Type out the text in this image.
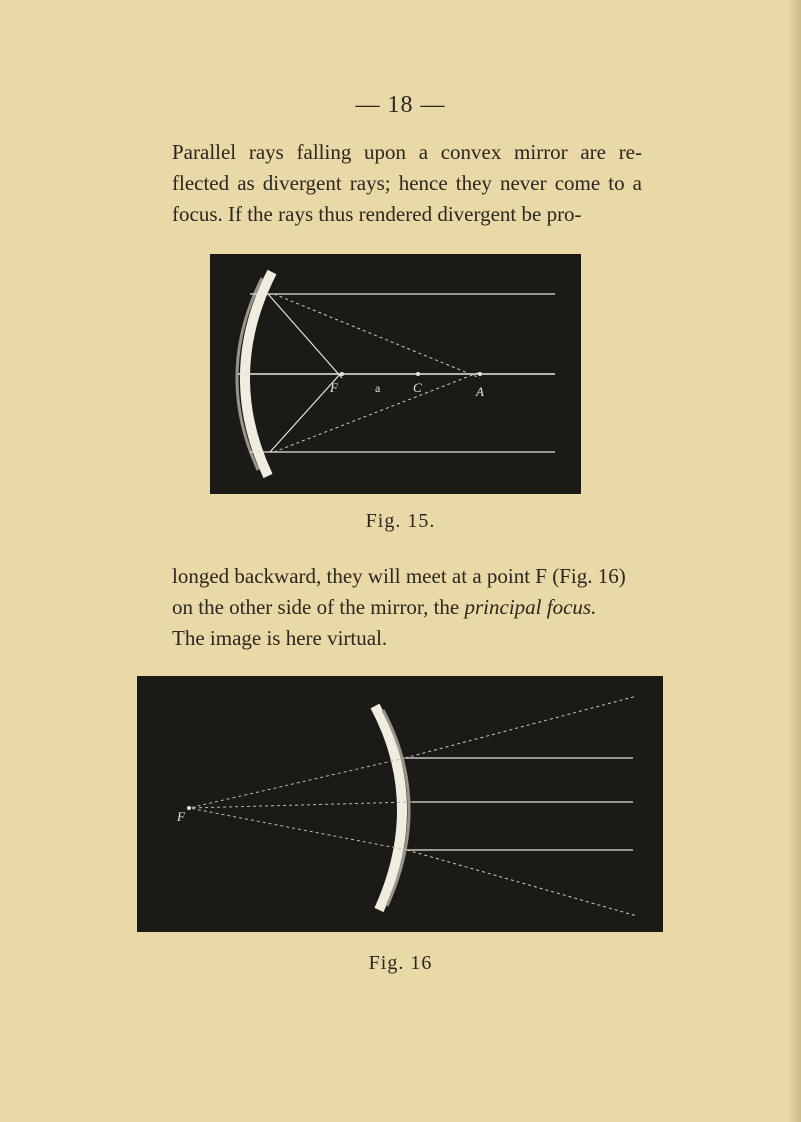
— 18 —

Parallel rays falling upon a convex mirror are re-
flected as divergent rays; hence they never come to a
focus. If the rays thus rendered divergent be pro-

F	a	C	A
Fig. 15.

longed backward, they will meet at a point F (Fig. 16)
on the other side of the mirror, the principal focus.
The image is here virtual.

F
Fig. 16
